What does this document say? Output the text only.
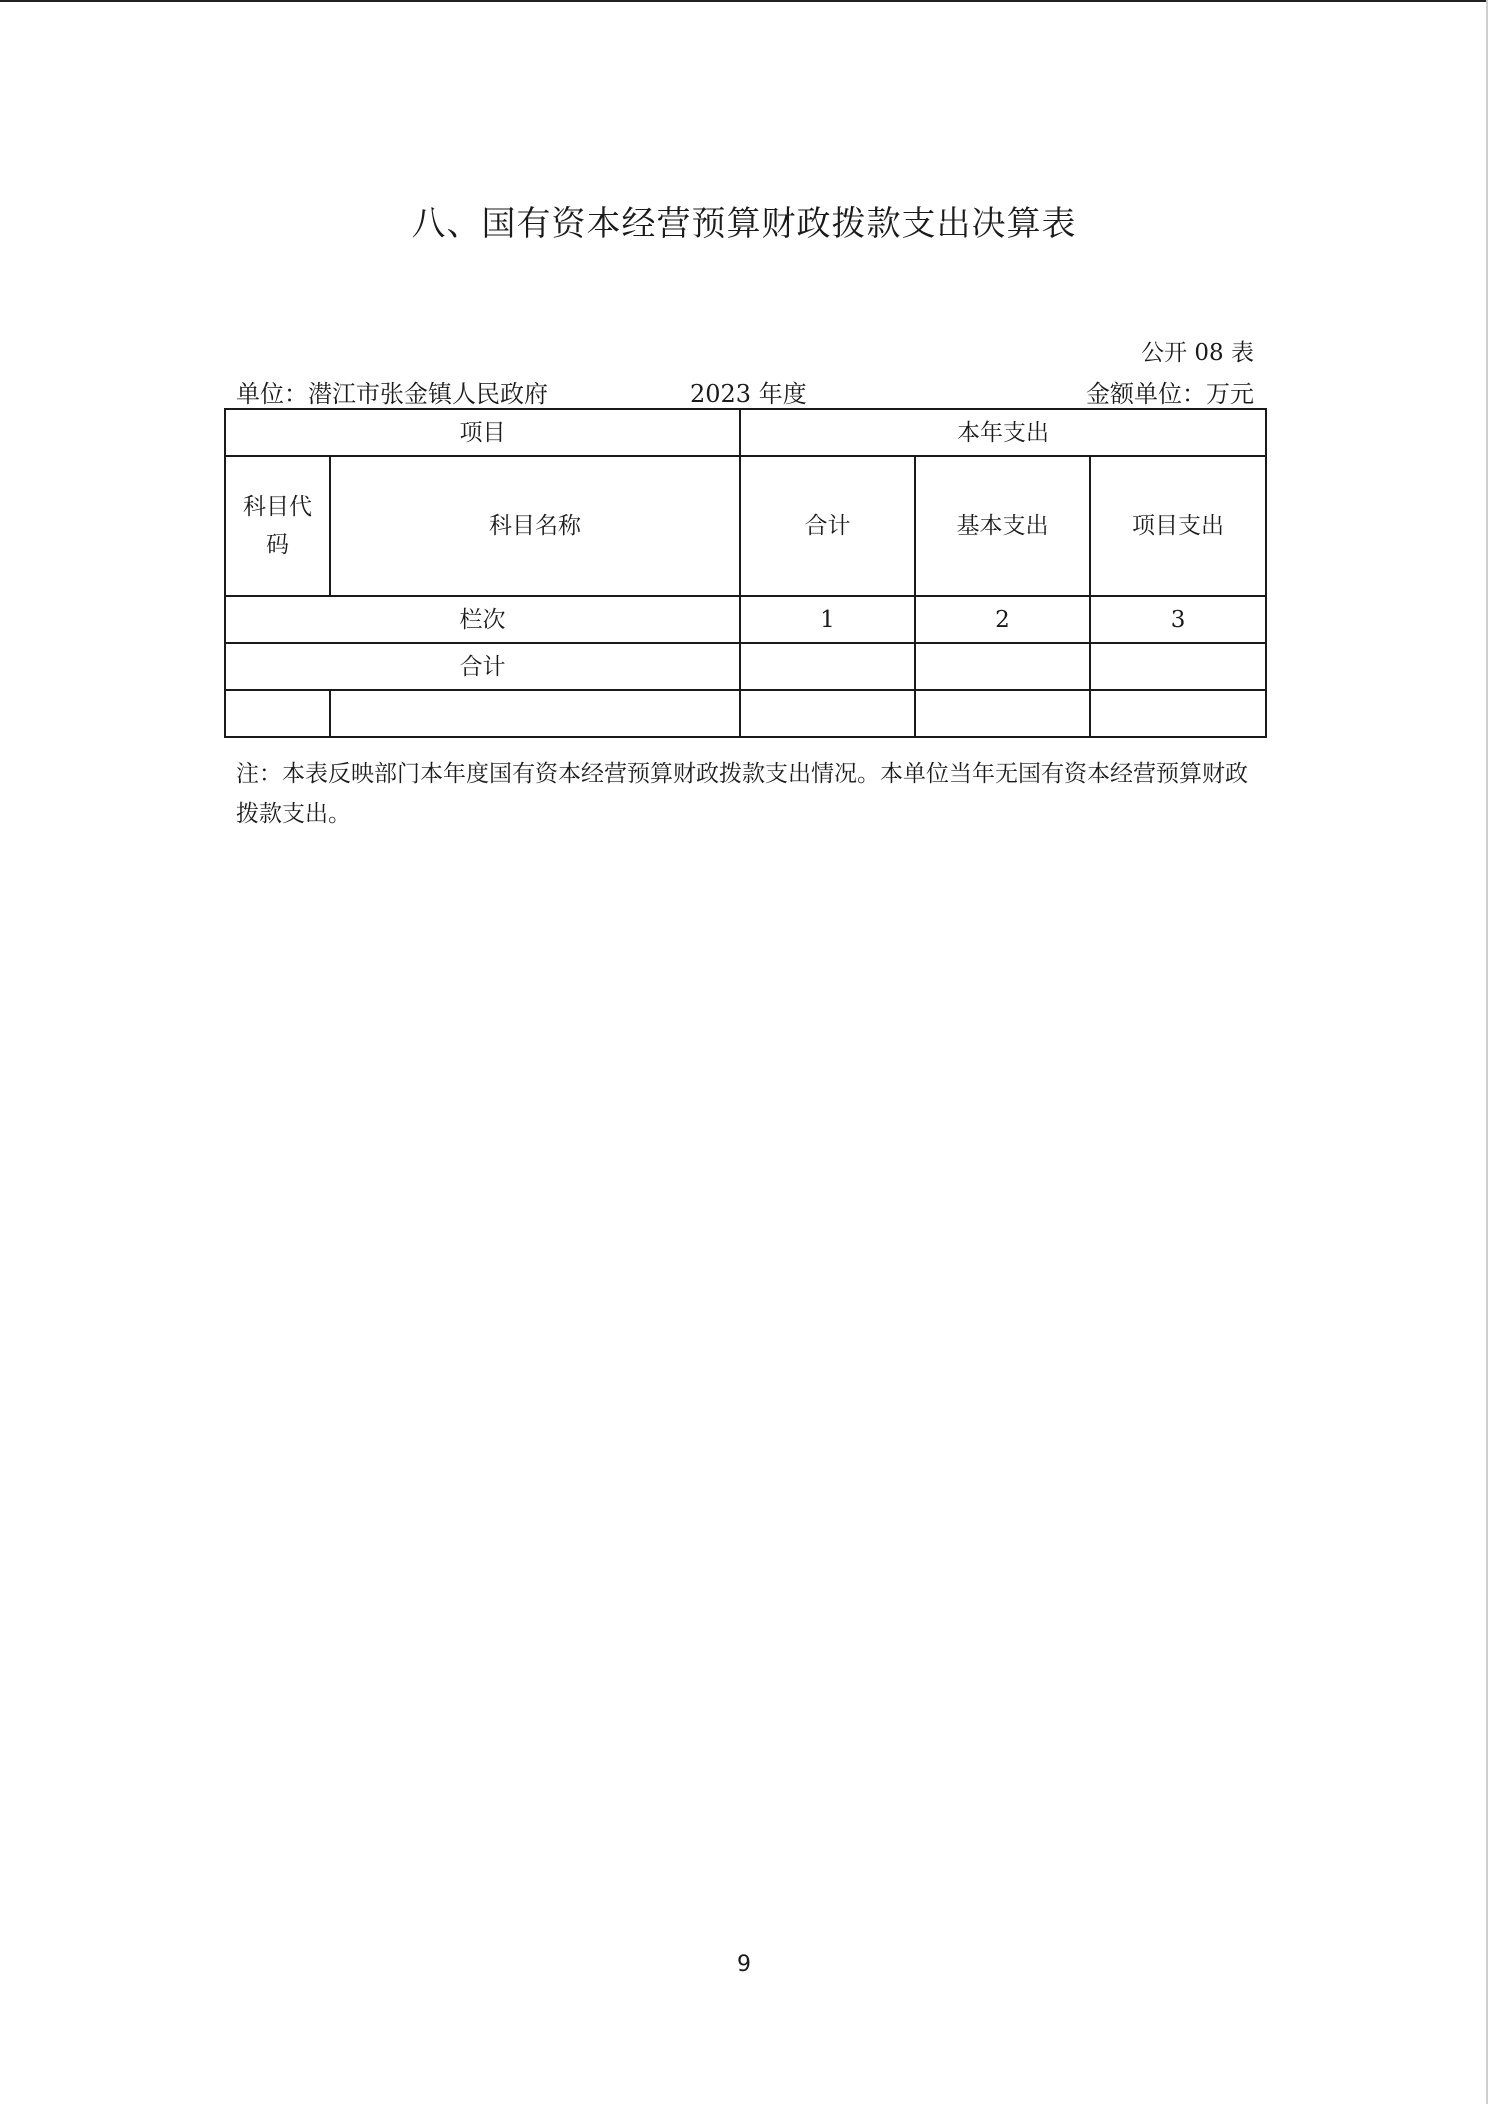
八、国有资本经营预算财政拨款支出决算表
公开 08 表
单位：潜江市张金镇人民政府	2023 年度	金额单位：万元
项目		本年支出		

科目代码	科目名称	合计	基本支出	项目支出
栏次		1	2	3
合计				

注：本表反映部门本年度国有资本经营预算财政拨款支出情况。本单位当年无国有资本经营预算财政拨款支出。
9
